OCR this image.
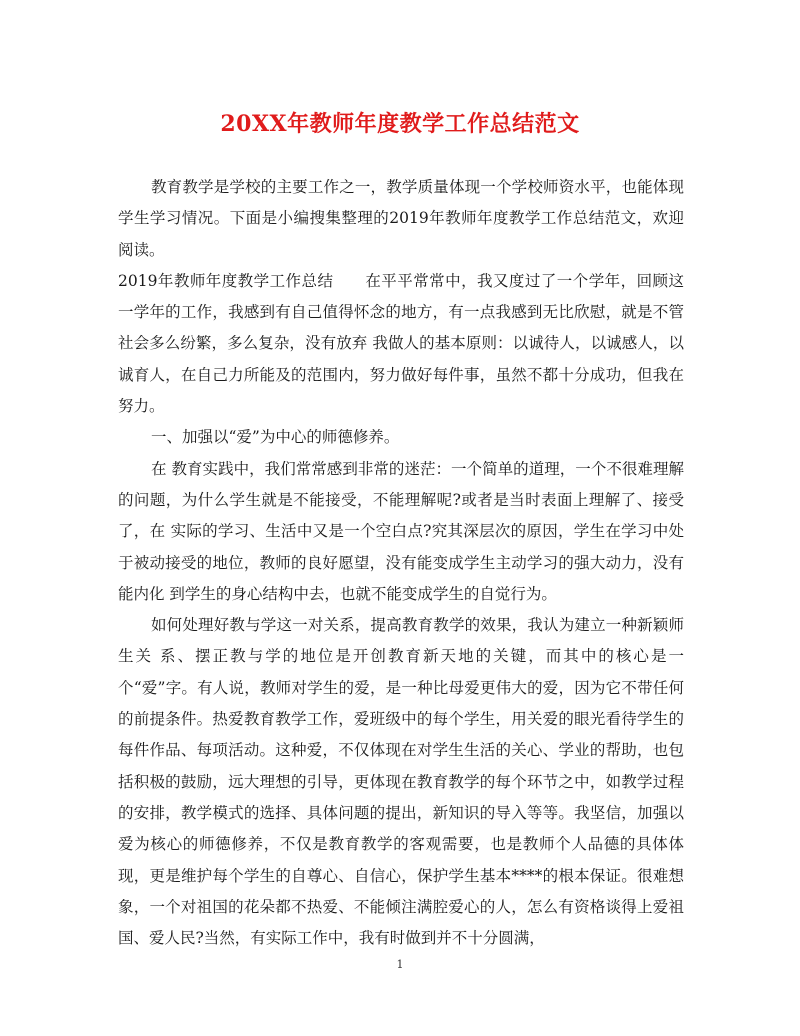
20XX年教师年度教学工作总结范文

教育教学是学校的主要工作之一，教学质量体现一个学校师资水平，也能体现学生学习情况。下面是小编搜集整理的2019年教师年度教学工作总结范文，欢迎阅读。

2019年教师年度教学工作总结　　在平平常常中，我又度过了一个学年，回顾这一学年的工作，我感到有自己值得怀念的地方，有一点我感到无比欣慰，就是不管社会多么纷繁，多么复杂，没有放弃 我做人的基本原则：以诚待人，以诚感人，以诚育人，在自己力所能及的范围内，努力做好每件事，虽然不都十分成功，但我在努力。

一、加强以“爱”为中心的师德修养。

在 教育实践中，我们常常感到非常的迷茫：一个简单的道理，一个不很难理解的问题，为什么学生就是不能接受，不能理解呢?或者是当时表面上理解了、接受了，在 实际的学习、生活中又是一个空白点?究其深层次的原因，学生在学习中处于被动接受的地位，教师的良好愿望，没有能变成学生主动学习的强大动力，没有能内化 到学生的身心结构中去，也就不能变成学生的自觉行为。

如何处理好教与学这一对关系，提高教育教学的效果，我认为建立一种新颖师生关 系、摆正教与学的地位是开创教育新天地的关键，而其中的核心是一个“爱”字。有人说，教师对学生的爱，是一种比母爱更伟大的爱，因为它不带任何的前提条件。热爱教育教学工作，爱班级中的每个学生，用关爱的眼光看待学生的 每件作品、每项活动。这种爱，不仅体现在对学生生活的关心、学业的帮助，也包括积极的鼓励，远大理想的引导，更体现在教育教学的每个环节之中，如教学过程 的安排，教学模式的选择、具体问题的提出，新知识的导入等等。我坚信，加强以爱为核心的师德修养，不仅是教育教学的客观需要，也是教师个人品德的具体体 现，更是维护每个学生的自尊心、自信心，保护学生基本****的根本保证。很难想象，一个对祖国的花朵都不热爱、不能倾注满腔爱心的人，怎么有资格谈得上爱祖 国、爱人民?当然，有实际工作中，我有时做到并不十分圆满，

1
